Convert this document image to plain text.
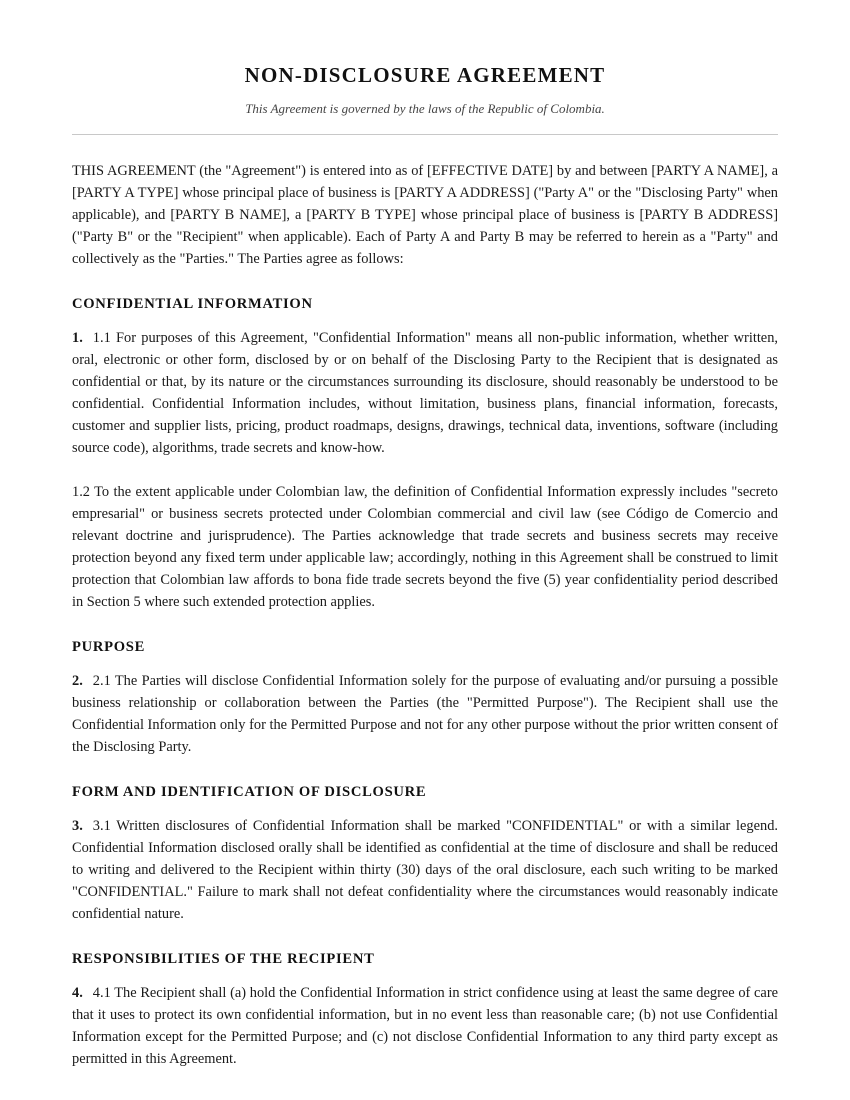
NON-DISCLOSURE AGREEMENT

This Agreement is governed by the laws of the Republic of Colombia.

THIS AGREEMENT (the "Agreement") is entered into as of [EFFECTIVE DATE] by and between [PARTY A NAME], a [PARTY A TYPE] whose principal place of business is [PARTY A ADDRESS] ("Party A" or the "Disclosing Party" when applicable), and [PARTY B NAME], a [PARTY B TYPE] whose principal place of business is [PARTY B ADDRESS] ("Party B" or the "Recipient" when applicable). Each of Party A and Party B may be referred to herein as a "Party" and collectively as the "Parties." The Parties agree as follows:

CONFIDENTIAL INFORMATION

1. 1.1 For purposes of this Agreement, "Confidential Information" means all non-public information, whether written, oral, electronic or other form, disclosed by or on behalf of the Disclosing Party to the Recipient that is designated as confidential or that, by its nature or the circumstances surrounding its disclosure, should reasonably be understood to be confidential. Confidential Information includes, without limitation, business plans, financial information, forecasts, customer and supplier lists, pricing, product roadmaps, designs, drawings, technical data, inventions, software (including source code), algorithms, trade secrets and know-how.

1.2 To the extent applicable under Colombian law, the definition of Confidential Information expressly includes "secreto empresarial" or business secrets protected under Colombian commercial and civil law (see Código de Comercio and relevant doctrine and jurisprudence). The Parties acknowledge that trade secrets and business secrets may receive protection beyond any fixed term under applicable law; accordingly, nothing in this Agreement shall be construed to limit protection that Colombian law affords to bona fide trade secrets beyond the five (5) year confidentiality period described in Section 5 where such extended protection applies.

PURPOSE

2. 2.1 The Parties will disclose Confidential Information solely for the purpose of evaluating and/or pursuing a possible business relationship or collaboration between the Parties (the "Permitted Purpose"). The Recipient shall use the Confidential Information only for the Permitted Purpose and not for any other purpose without the prior written consent of the Disclosing Party.

FORM AND IDENTIFICATION OF DISCLOSURE

3. 3.1 Written disclosures of Confidential Information shall be marked "CONFIDENTIAL" or with a similar legend. Confidential Information disclosed orally shall be identified as confidential at the time of disclosure and shall be reduced to writing and delivered to the Recipient within thirty (30) days of the oral disclosure, each such writing to be marked "CONFIDENTIAL." Failure to mark shall not defeat confidentiality where the circumstances would reasonably indicate confidential nature.

RESPONSIBILITIES OF THE RECIPIENT

4. 4.1 The Recipient shall (a) hold the Confidential Information in strict confidence using at least the same degree of care that it uses to protect its own confidential information, but in no event less than reasonable care; (b) not use Confidential Information except for the Permitted Purpose; and (c) not disclose Confidential Information to any third party except as permitted in this Agreement.
